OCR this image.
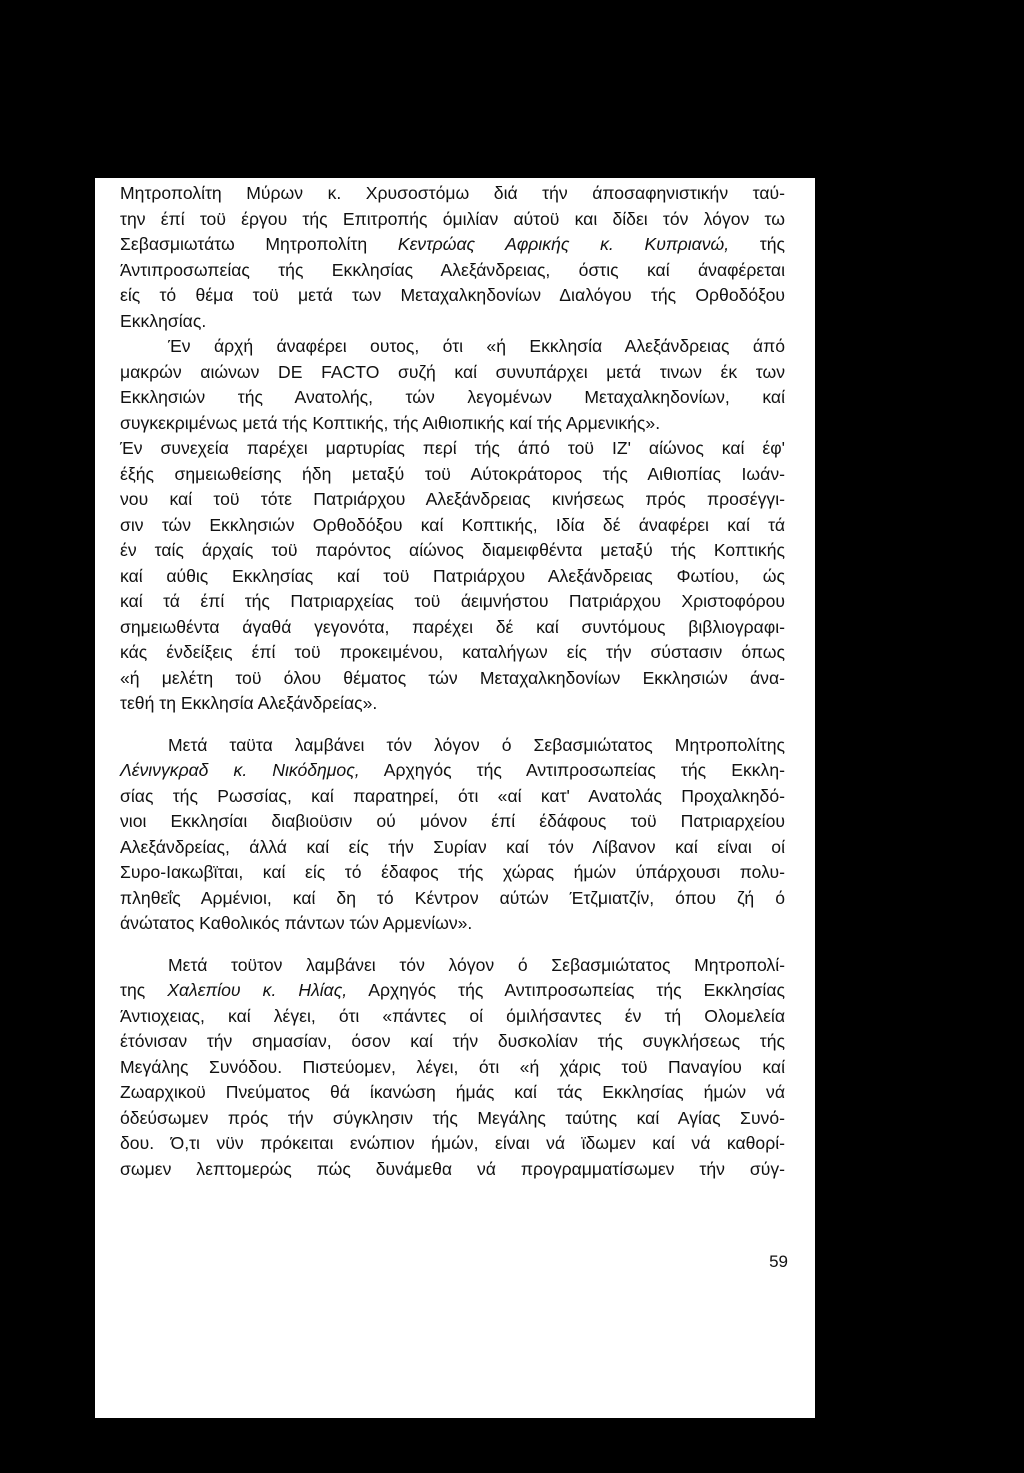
Μητροπολίτη Μύρων κ. Χρυσοστόμω διά τήν άποσαφηνιστικήν ταύ-
την έπί τοϋ έργου τής Επιτροπής όμιλίαν αύτοϋ και δίδει τόν λόγον τω
Σεβασμιωτάτω Μητροπολίτη Κεντρώας Αφρικής κ. Κυπριανώ, τής
Άντιπροσωπείας τής Εκκλησίας Αλεξάνδρειας, όστις καί άναφέρεται
είς τό θέμα τοϋ μετά των Μεταχαλκηδονίων Διαλόγου τής Ορθοδόξου
Εκκλησίας.
Έν άρχή άναφέρει ουτος, ότι «ή Εκκλησία Αλεξάνδρειας άπό
μακρών αιώνων DE FACTO συζή καί συνυπάρχει μετά τινων έκ των
Εκκλησιών τής Ανατολής, τών λεγομένων Μεταχαλκηδονίων, καί
συγκεκριμένως μετά τής Κοπτικής, τής Αιθιοπικής καί τής Αρμενικής».
Έν συνεχεία παρέχει μαρτυρίας περί τής άπό τοϋ ΙΖ' αίώνος καί έφ'
έξής σημειωθείσης ήδη μεταξύ τοϋ Αύτοκράτορος τής Αιθιοπίας Ιωάν-
νου καί τοϋ τότε Πατριάρχου Αλεξάνδρειας κινήσεως πρός προσέγγι-
σιν τών Εκκλησιών Ορθοδόξου καί Κοπτικής, Ιδία δέ άναφέρει καί τά
έν ταίς άρχαίς τοϋ παρόντος αίώνος διαμειφθέντα μεταξύ τής Κοπτικής
καί αύθις Εκκλησίας καί τοϋ Πατριάρχου Αλεξάνδρειας Φωτίου, ώς
καί τά έπί τής Πατριαρχείας τοϋ άειμνήστου Πατριάρχου Χριστοφόρου
σημειωθέντα άγαθά γεγονότα, παρέχει δέ καί συντόμους βιβλιογραφι-
κάς ένδείξεις έπί τοϋ προκειμένου, καταλήγων είς τήν σύστασιν όπως
«ή μελέτη τοϋ όλου θέματος τών Μεταχαλκηδονίων Εκκλησιών άνα-
τεθή τη Εκκλησία Αλεξάνδρείας».
Μετά ταϋτα λαμβάνει τόν λόγον ό Σεβασμιώτατος Μητροπολίτης
Λένινγκραδ κ. Νικόδημος, Αρχηγός τής Αντιπροσωπείας τής Εκκλη-
σίας τής Ρωσσίας, καί παρατηρεί, ότι «αί κατ' Ανατολάς Προχαλκηδό-
νιοι Εκκλησίαι διαβιοϋσιν ού μόνον έπί έδάφους τοϋ Πατριαρχείου
Αλεξάνδρείας, άλλά καί είς τήν Συρίαν καί τόν Λίβανον καί είναι οί
Συρο-Ιακωβϊται, καί είς τό έδαφος τής χώρας ήμών ύπάρχουσι πολυ-
πληθεΐς Αρμένιοι, καί δη τό Κέντρον αύτών Έτζμιατζίν, όπου ζή ό
άνώτατος Καθολικός πάντων τών Αρμενίων».
Μετά τοϋτον λαμβάνει τόν λόγον ό Σεβασμιώτατος Μητροπολί-
της Χαλεπίου κ. Ηλίας, Αρχηγός τής Αντιπροσωπείας τής Εκκλησίας
Άντιοχειας, καί λέγει, ότι «πάντες οί όμιλήσαντες έν τή Ολομελεία
έτόνισαν τήν σημασίαν, όσον καί τήν δυσκολίαν τής συγκλήσεως τής
Μεγάλης Συνόδου. Πιστεύομεν, λέγει, ότι «ή χάρις τοϋ Παναγίου καί
Ζωαρχικοϋ Πνεύματος θά ίκανώση ήμάς καί τάς Εκκλησίας ήμών νά
όδεύσωμεν πρός τήν σύγκλησιν τής Μεγάλης ταύτης καί Αγίας Συνό-
δου. Ό,τι νϋν πρόκειται ενώπιον ήμών, είναι νά ϊδωμεν καί νά καθορί-
σωμεν λεπτομερώς πώς δυνάμεθα νά προγραμματίσωμεν τήν σύγ-
59
